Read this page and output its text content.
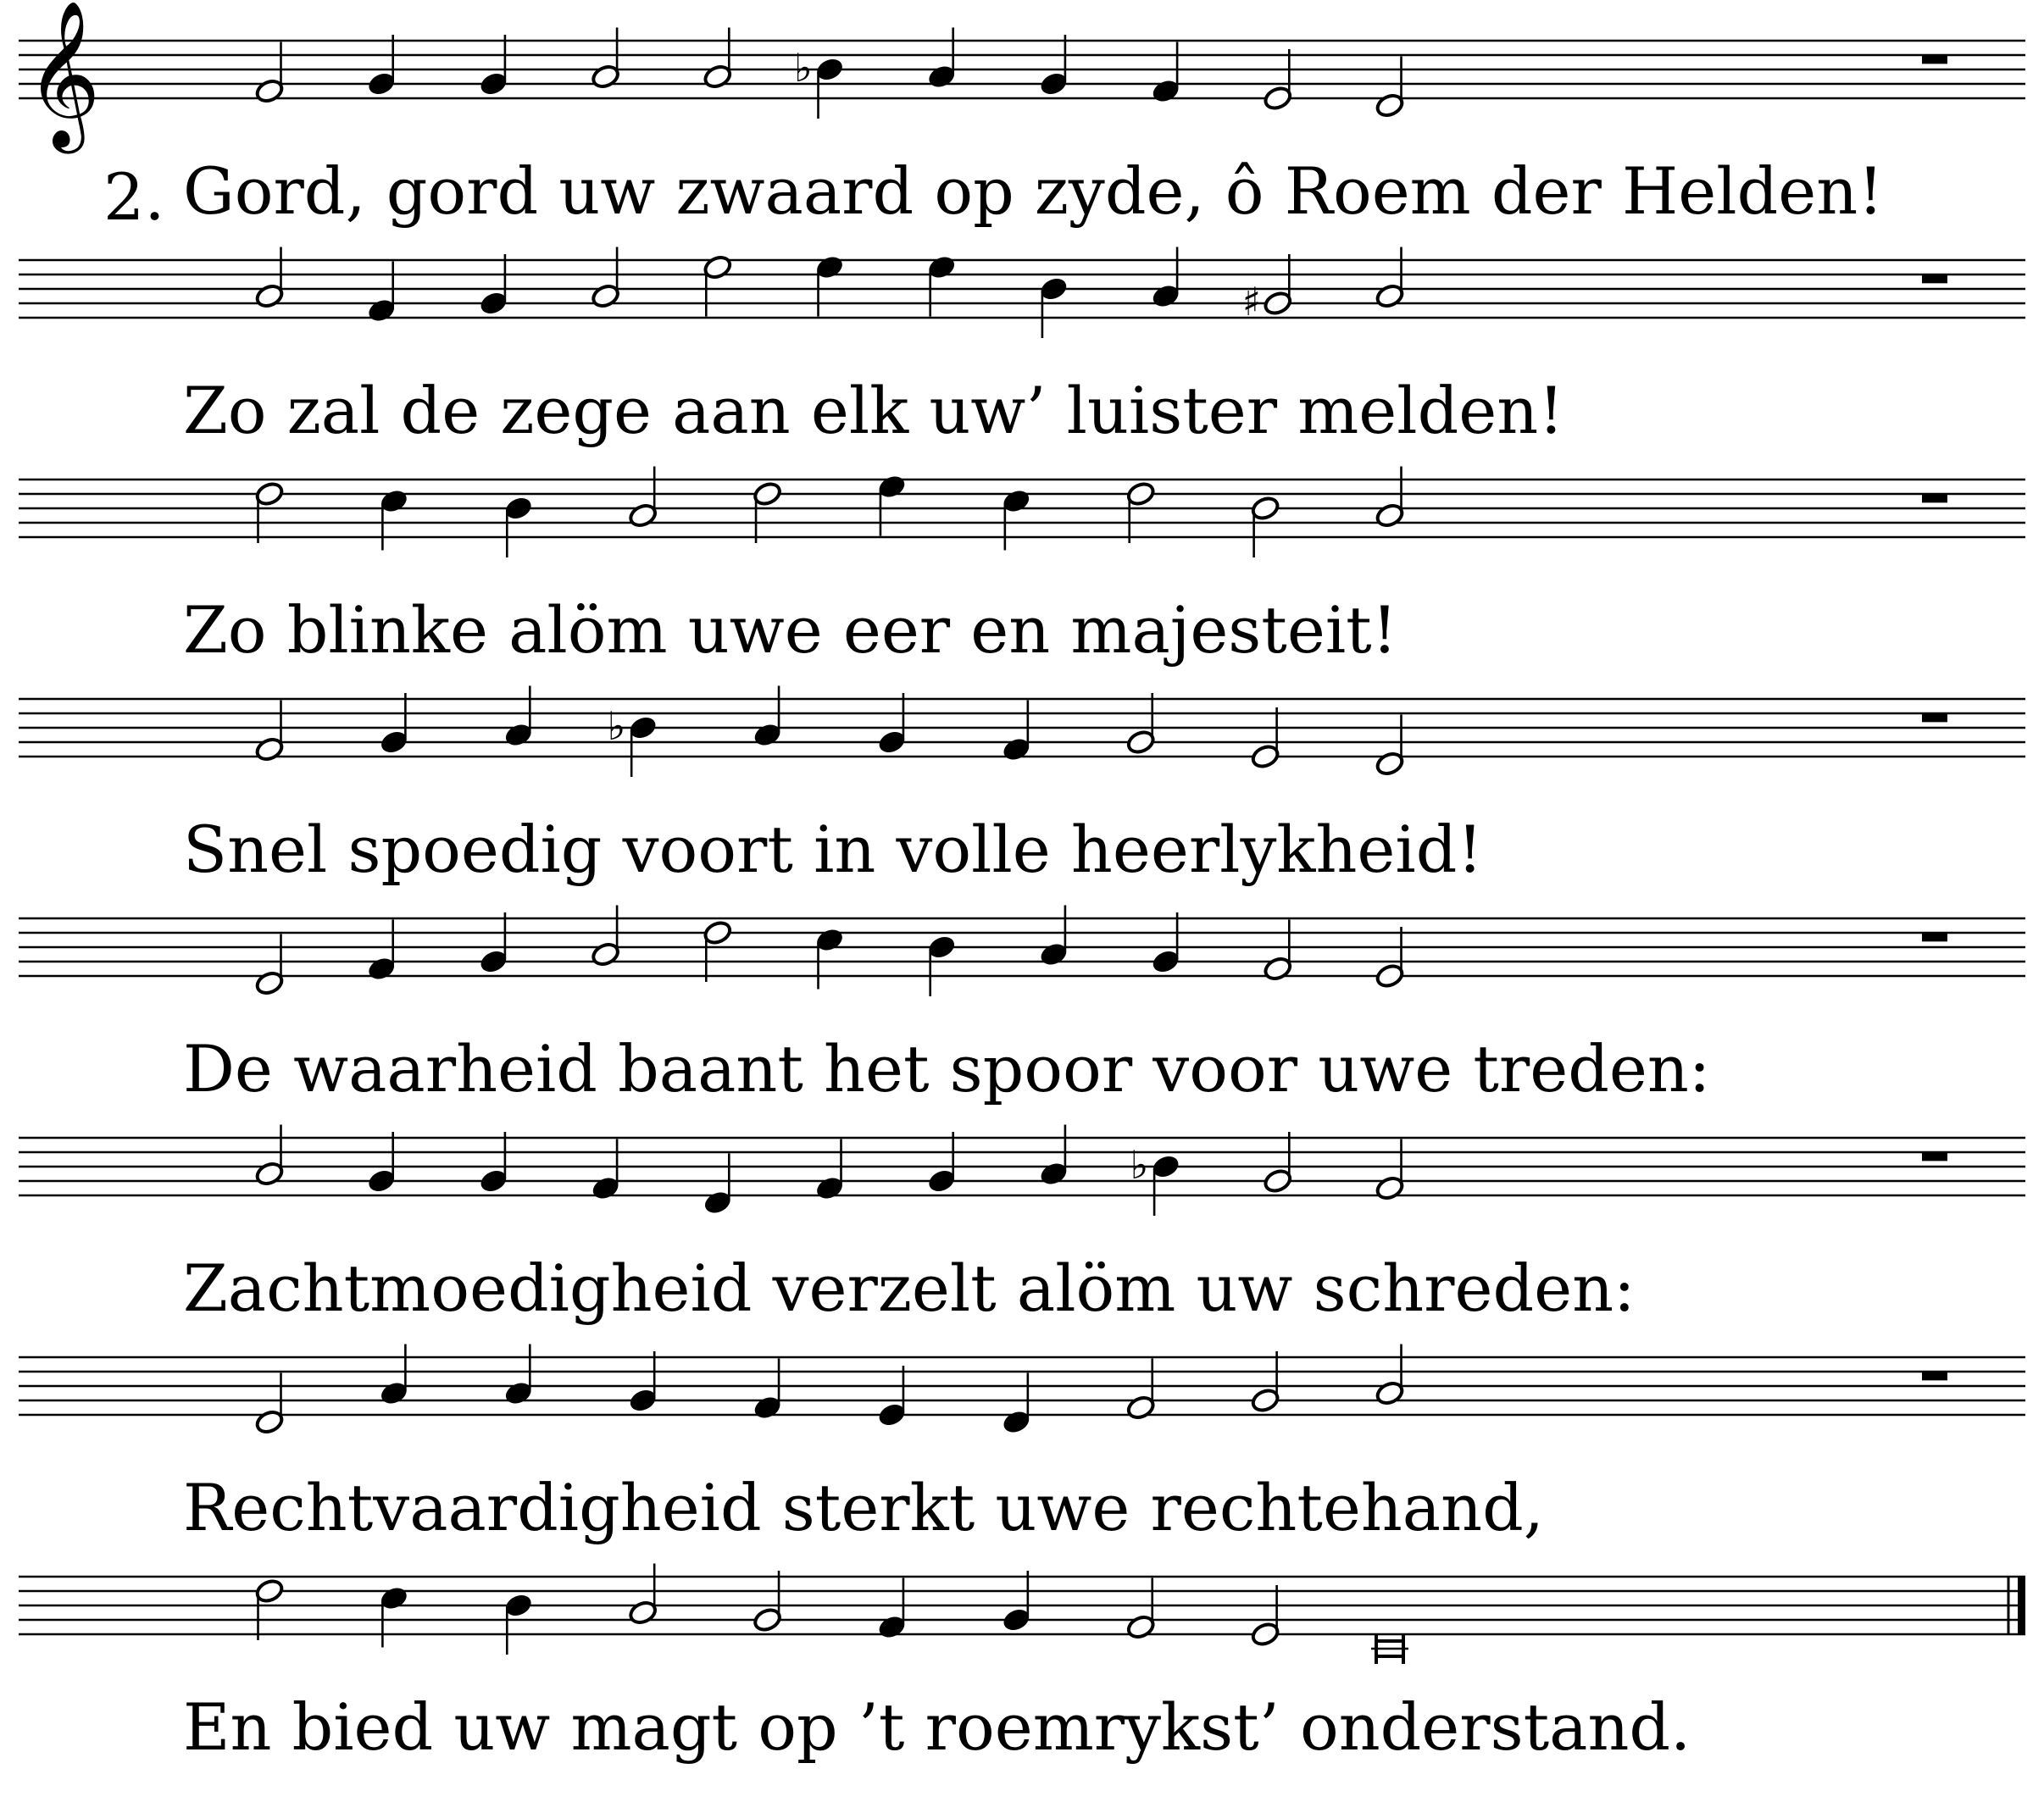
𝄞	♭
♯
♭
♭
Gord, gord uw zwaard op zyde, ô Roem der Helden!
Zo zal de zege aan elk uw’ luister melden!
Zo blinke alöm uwe eer en majesteit!
Snel spoedig voort in volle heerlykheid!
De waarheid baant het spoor voor uwe treden:
Zachtmoedigheid verzelt alöm uw schreden:
Rechtvaardigheid sterkt uwe rechtehand,
En bied uw magt op ’t roemrykst’ onderstand.
2.
